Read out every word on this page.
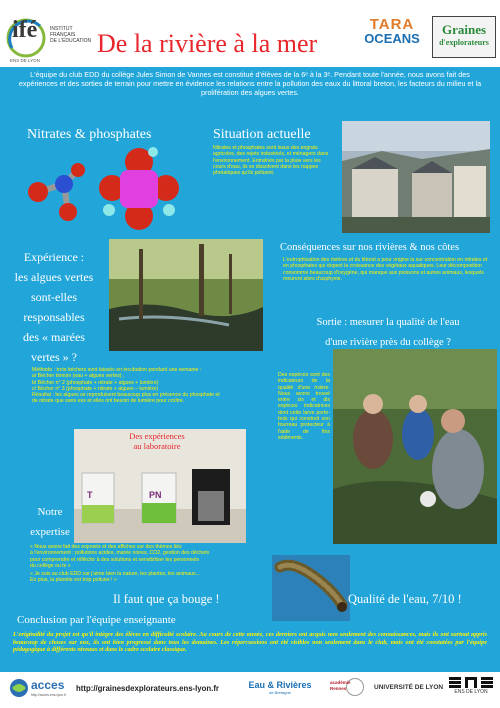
ifé	INSTITUT
FRANÇAIS
DE L'ÉDUCATION
ENS DE LYON
De la rivière à la mer
TARA
OCEANS
Graines
d'explorateurs
L'équipe du club EDD du collège Jules Simon de Vannes est constitué d'élèves de la 6ᵉ à la 3ᵉ. Pendant toute l'année, nous avons fait des expériences et des sorties de terrain pour mettre en évidence les relations entre la pollution des eaux du littoral breton, les facteurs du milieu et la prolifération des algues vertes.
Nitrates & phosphates	Situation actuelle
Nitrates et phosphates sont issus des engrais agricoles, des rejets industriels, et ménagers dans l'environnement. Entraînés par la pluie vers les cours d'eau, ils se dissolvent dans les nappes phréatiques qu'ils polluent.
Expérience :
les algues vertes
sont-elles
responsables
des « marées
vertes » ?
Conséquences sur nos rivières & nos côtes
L'eutrophisation des rivières et du littoral a pour origine la sur-concentration en nitrates et en phosphates qui dopent la croissance des végétaux aquatiques. Leur décomposition consomme beaucoup d'oxygène, qui manque aux poissons et autres animaux, lesquels meurent alors d'asphyxie.
Sortie : mesurer la qualité de l'eau
d'une rivière près du collège ?
Méthode : trois béchers sont laissés en incubation pendant une semaine :
a/ Bécher témoin (eau + algues vertes) ;
b/ Bécher n° 2 (phosphate + nitrate + algues + lumière)
c/ Bécher n° 3 (phosphate + nitrate + algues – lumière)
Résultat : les algues se reproduisent beaucoup plus en présence du phosphate et
de nitrate que sans eux et elles ont besoin de lumière pour croître.
Des espèces sont des indicateurs de la qualité d'une rivière. Nous avons trouvé entre six et dix espèces indicatrices dont cette larve porte-bois qui construit son fourreau protecteur à l'aide de fins sédiments.
Des expériences
au laboratoire
T	PN
Notre
expertise
« Nous avons fait des exposés et des affiches sur des thèmes liés
à l'environnement : pollutions acides, marée noires, CO2, gestion des déchets
pour comprendre et réfléchir à des solutions et sensibiliser les personnels
du collège ou le »
« Je suis au club EDD car j'aime bien la nature, les plantes, les animaux...
En plus, la planète est trop polluée ! »
Il faut que ça bouge !	Qualité de l'eau, 7/10 !
Conclusion par l'équipe enseignante
L'originalité du projet est qu'il intègre des élèves en difficulté scolaire. Au cours de cette année, ces derniers ont acquis non seulement des connaissances, mais ils ont surtout appris beaucoup de choses sur eux, ils ont bien progressé dans tous les domaines. Les répercussions ont été visibles non seulement dans le club, mais ont été constatées par l'équipe pédagogique à différents niveaux et dans le cadre scolaire classique.
acces
http://acces.ens-lyon.fr
http://grainesdexplorateurs.ens-lyon.fr	Eau & Rivières
de Bretagne
académie
Rennes	UNIVERSITÉ DE LYON
ENS DE LYON
